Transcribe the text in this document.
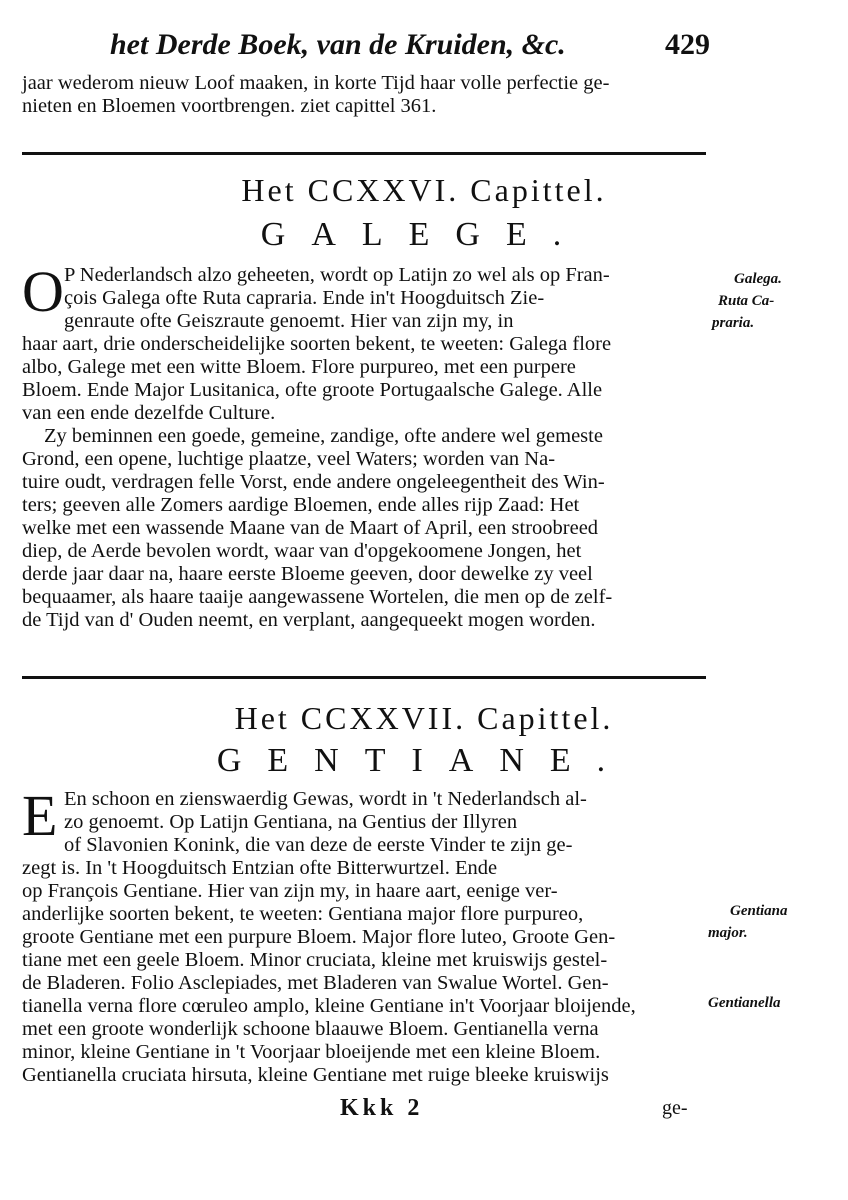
het Derde Boek, van de Kruiden, &c.	429
jaar wederom nieuw Loof maaken, in korte Tijd haar volle perfectie ge-
nieten en Bloemen voortbrengen. ziet capittel 361.
Het CCXXVI. Capittel.
GALEGE.
O P Nederlandsch alzo geheeten, wordt op Latijn zo wel als op Fran-
çois Galega ofte Ruta capraria. Ende in't Hoogduitsch Zie-
genraute ofte Geiszraute genoemt. Hier van zijn my, in
haar aart, drie onderscheidelijke soorten bekent, te weeten: Galega flore
albo, Galege met een witte Bloem. Flore purpureo, met een purpere
Bloem. Ende Major Lusitanica, ofte groote Portugaalsche Galege. Alle
van een ende dezelfde Culture.
Zy beminnen een goede, gemeine, zandige, ofte andere wel gemeste
Grond, een opene, luchtige plaatze, veel Waters; worden van Na-
tuire oudt, verdragen felle Vorst, ende andere ongeleegentheit des Win-
ters; geeven alle Zomers aardige Bloemen, ende alles rijp Zaad: Het
welke met een wassende Maane van de Maart of April, een stroobreed
diep, de Aerde bevolen wordt, waar van d'opgekoomene Jongen, het
derde jaar daar na, haare eerste Bloeme geeven, door dewelke zy veel
bequaamer, als haare taaije aangewassene Wortelen, die men op de zelf-
de Tijd van d' Ouden neemt, en verplant, aangequeekt mogen worden.
Galega.
Ruta Ca-
praria.
Het CCXXVII. Capittel.
GENTIANE.
E En schoon en zienswaerdig Gewas, wordt in 't Nederlandsch al-
zo genoemt. Op Latijn Gentiana, na Gentius der Illyren
of Slavonien Konink, die van deze de eerste Vinder te zijn ge-
zegt is. In 't Hoogduitsch Entzian ofte Bitterwurtzel. Ende
op François Gentiane. Hier van zijn my, in haare aart, eenige ver-
anderlijke soorten bekent, te weeten: Gentiana major flore purpureo,
groote Gentiane met een purpure Bloem. Major flore luteo, Groote Gen-
tiane met een geele Bloem. Minor cruciata, kleine met kruiswijs gestel-
de Bladeren. Folio Asclepiades, met Bladeren van Swalue Wortel. Gen-
tianella verna flore cœruleo amplo, kleine Gentiane in't Voorjaar bloijende,
met een groote wonderlijk schoone blaauwe Bloem. Gentianella verna
minor, kleine Gentiane in 't Voorjaar bloeijende met een kleine Bloem.
Gentianella cruciata hirsuta, kleine Gentiane met ruige bleeke kruiswijs
Gentiana
major.
Gentianella
Kkk 2	ge-
